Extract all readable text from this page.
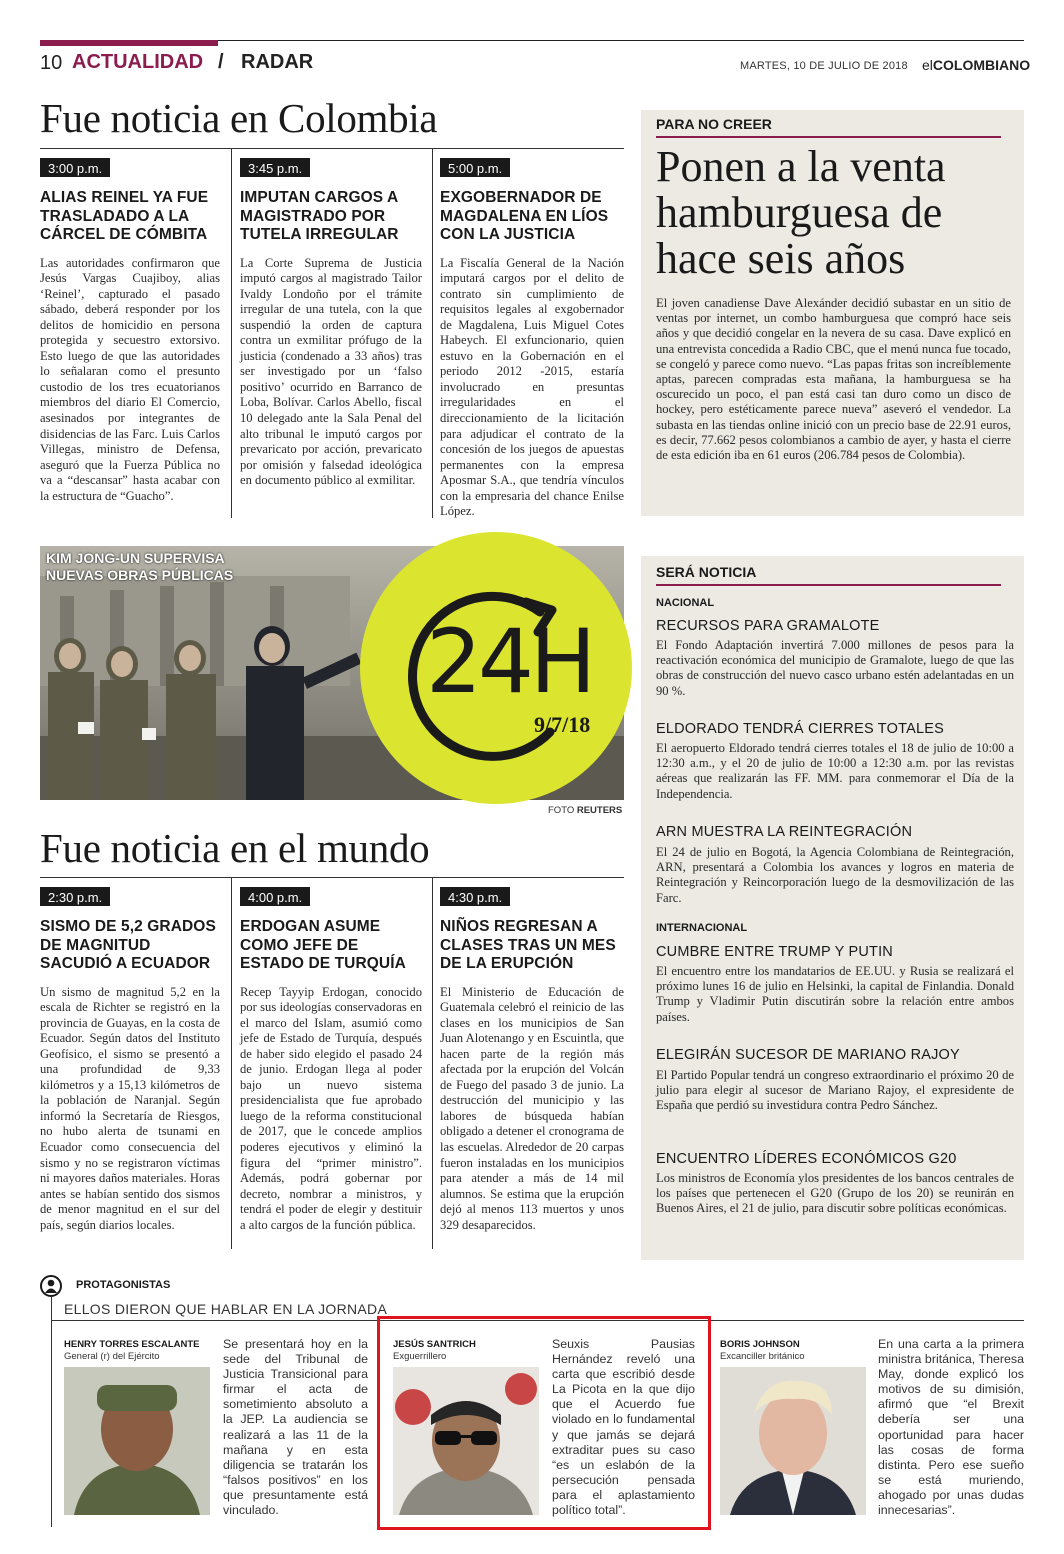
10 ACTUALIDAD / RADAR	MARTES, 10 DE JULIO DE 2018 elCOLOMBIANO
Fue noticia en Colombia
3:00 p.m.
ALIAS REINEL YA FUE TRASLADADO A LA CÁRCEL DE CÓMBITA
Las autoridades confirmaron que Jesús Vargas Cuajiboy, alias ‘Reinel’, capturado el pasado sábado, deberá responder por los delitos de homicidio en persona protegida y secuestro extorsivo. Esto luego de que las autoridades lo señalaran como el presunto custodio de los tres ecuatorianos miembros del diario El Comercio, asesinados por integrantes de disidencias de las Farc. Luis Carlos Villegas, ministro de Defensa, aseguró que la Fuerza Pública no va a “descansar” hasta acabar con la estructura de “Guacho”.
3:45 p.m.
IMPUTAN CARGOS A MAGISTRADO POR TUTELA IRREGULAR
La Corte Suprema de Justicia imputó cargos al magistrado Tailor Ivaldy Londoño por el trámite irregular de una tutela, con la que suspendió la orden de captura contra un exmilitar prófugo de la justicia (condenado a 33 años) tras ser investigado por un ‘falso positivo’ ocurrido en Barranco de Loba, Bolívar. Carlos Abello, fiscal 10 delegado ante la Sala Penal del alto tribunal le imputó cargos por prevaricato por acción, prevaricato por omisión y falsedad ideológica en documento público al exmilitar.
5:00 p.m.
EXGOBERNADOR DE MAGDALENA EN LÍOS CON LA JUSTICIA
La Fiscalía General de la Nación imputará cargos por el delito de contrato sin cumplimiento de requisitos legales al exgobernador de Magdalena, Luis Miguel Cotes Habeych. El exfuncionario, quien estuvo en la Gobernación en el periodo 2012 -2015, estaría involucrado en presuntas irregularidades en el direccionamiento de la licitación para adjudicar el contrato de la concesión de los juegos de apuestas permanentes con la empresa Aposmar S.A., que tendría vínculos con la empresaria del chance Enilse López.
PARA NO CREER
Ponen a la venta hamburguesa de hace seis años
El joven canadiense Dave Alexánder decidió subastar en un sitio de ventas por internet, un combo hamburguesa que compró hace seis años y que decidió congelar en la nevera de su casa. Dave explicó en una entrevista concedida a Radio CBC, que el menú nunca fue tocado, se congeló y parece como nuevo. “Las papas fritas son increíblemente aptas, parecen compradas esta mañana, la hamburguesa se ha oscurecido un poco, el pan está casi tan duro como un disco de hockey, pero estéticamente parece nueva” aseveró el vendedor. La subasta en las tiendas online inició con un precio base de 22.91 euros, es decir, 77.662 pesos colombianos a cambio de ayer, y hasta el cierre de esta edición iba en 61 euros (206.784 pesos de Colombia).
KIM JONG-UN SUPERVISA
NUEVAS OBRAS PÚBLICAS
24H
9/7/18
FOTO REUTERS
Fue noticia en el mundo
2:30 p.m.
SISMO DE 5,2 GRADOS DE MAGNITUD SACUDIÓ A ECUADOR
Un sismo de magnitud 5,2 en la escala de Richter se registró en la provincia de Guayas, en la costa de Ecuador. Según datos del Instituto Geofísico, el sismo se presentó a una profundidad de 9,33 kilómetros y a 15,13 kilómetros de la población de Naranjal. Según informó la Secretaría de Riesgos, no hubo alerta de tsunami en Ecuador como consecuencia del sismo y no se registraron víctimas ni mayores daños materiales. Horas antes se habían sentido dos sismos de menor magnitud en el sur del país, según diarios locales.
4:00 p.m.
ERDOGAN ASUME COMO JEFE DE ESTADO DE TURQUÍA
Recep Tayyip Erdogan, conocido por sus ideologías conservadoras en el marco del Islam, asumió como jefe de Estado de Turquía, después de haber sido elegido el pasado 24 de junio. Erdogan llega al poder bajo un nuevo sistema presidencialista que fue aprobado luego de la reforma constitucional de 2017, que le concede amplios poderes ejecutivos y eliminó la figura del “primer ministro”. Además, podrá gobernar por decreto, nombrar a ministros, y tendrá el poder de elegir y destituir a alto cargos de la función pública.
4:30 p.m.
NIÑOS REGRESAN A CLASES TRAS UN MES DE LA ERUPCIÓN
El Ministerio de Educación de Guatemala celebró el reinicio de las clases en los municipios de San Juan Alotenango y en Escuintla, que hacen parte de la región más afectada por la erupción del Volcán de Fuego del pasado 3 de junio. La destrucción del municipio y las labores de búsqueda habían obligado a detener el cronograma de las escuelas. Alrededor de 20 carpas fueron instaladas en los municipios para atender a más de 14 mil alumnos. Se estima que la erupción dejó al menos 113 muertos y unos 329 desaparecidos.
SERÁ NOTICIA
NACIONAL
RECURSOS PARA GRAMALOTE
El Fondo Adaptación invertirá 7.000 millones de pesos para la reactivación económica del municipio de Gramalote, luego de que las obras de construcción del nuevo casco urbano estén adelantadas en un 90 %.
ELDORADO TENDRÁ CIERRES TOTALES
El aeropuerto Eldorado tendrá cierres totales el 18 de julio de 10:00 a 12:30 a.m., y el 20 de julio de 10:00 a 12:30 a.m. por las revistas aéreas que realizarán las FF. MM. para conmemorar el Día de la Independencia.
ARN MUESTRA LA REINTEGRACIÓN
El 24 de julio en Bogotá, la Agencia Colombiana de Reintegración, ARN, presentará a Colombia los avances y logros en materia de Reintegración y Reincorporación luego de la desmovilización de las Farc.
INTERNACIONAL
CUMBRE ENTRE TRUMP Y PUTIN
El encuentro entre los mandatarios de EE.UU. y Rusia se realizará el próximo lunes 16 de julio en Helsinki, la capital de Finlandia. Donald Trump y Vladimir Putin discutirán sobre la relación entre ambos países.
ELEGIRÁN SUCESOR DE MARIANO RAJOY
El Partido Popular tendrá un congreso extraordinario el próximo 20 de julio para elegir al sucesor de Mariano Rajoy, el expresidente de España que perdió su investidura contra Pedro Sánchez.
ENCUENTRO LÍDERES ECONÓMICOS G20
Los ministros de Economía ylos presidentes de los bancos centrales de los países que pertenecen el G20 (Grupo de los 20) se reunirán en Buenos Aires, el 21 de julio, para discutir sobre políticas económicas.
PROTAGONISTAS
ELLOS DIERON QUE HABLAR EN LA JORNADA
HENRY TORRES ESCALANTE
General (r) del Ejército
Se presentará hoy en la sede del Tribunal de Justicia Transicional para firmar el acta de sometimiento absoluto a la JEP. La audiencia se realizará a las 11 de la mañana y en esta diligencia se tratarán los “falsos positivos” en los que presuntamente está vinculado.
JESÚS SANTRICH
Exguerrillero
Seuxis Pausias Hernández reveló una carta que escribió desde La Picota en la que dijo que el Acuerdo fue violado en lo fundamental y que jamás se dejará extraditar pues su caso “es un eslabón de la persecución pensada para el aplastamiento político total”.
BORIS JOHNSON
Excanciller británico
En una carta a la primera ministra británica, Theresa May, donde explicó los motivos de su dimisión, afirmó que “el Brexit debería ser una oportunidad para hacer las cosas de forma distinta. Pero ese sueño se está muriendo, ahogado por unas dudas innecesarias”.
